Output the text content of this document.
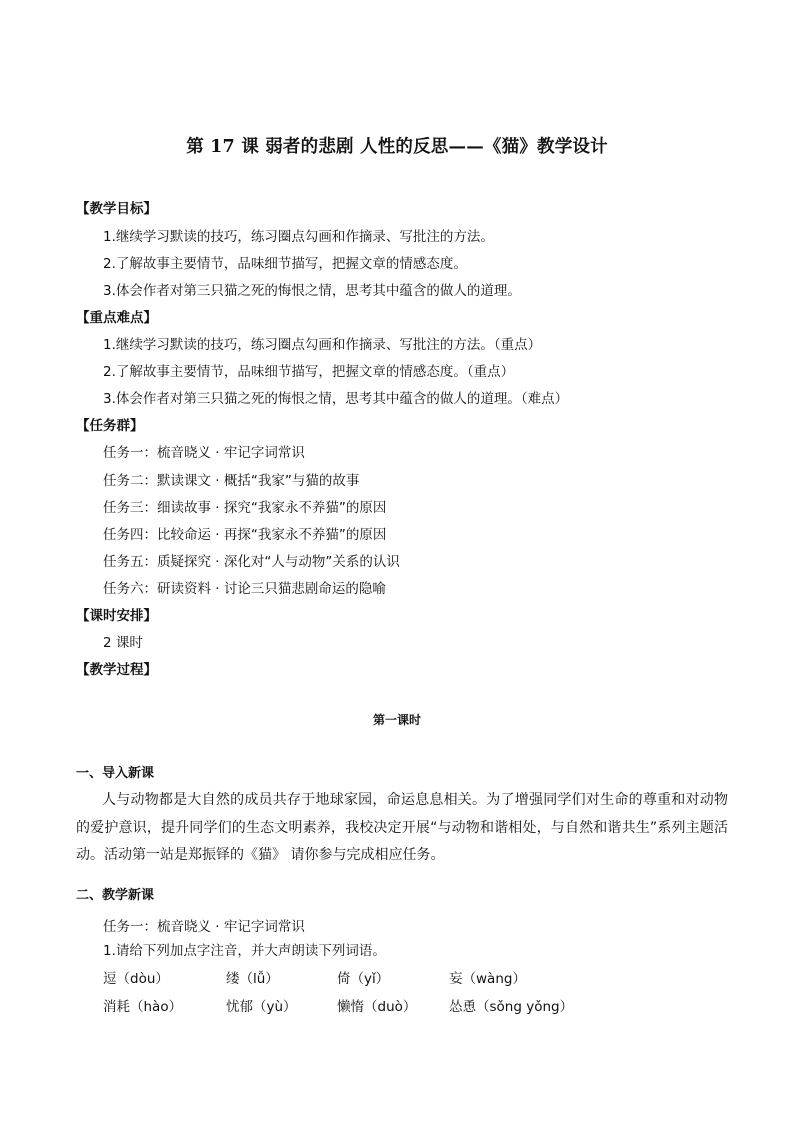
第 17 课 弱者的悲剧 人性的反思——《猫》教学设计
【教学目标】
1.继续学习默读的技巧，练习圈点勾画和作摘录、写批注的方法。
2.了解故事主要情节，品味细节描写，把握文章的情感态度。
3.体会作者对第三只猫之死的悔恨之情，思考其中蕴含的做人的道理。
【重点难点】
1.继续学习默读的技巧，练习圈点勾画和作摘录、写批注的方法。（重点）
2.了解故事主要情节，品味细节描写，把握文章的情感态度。（重点）
3.体会作者对第三只猫之死的悔恨之情，思考其中蕴含的做人的道理。（难点）
【任务群】
任务一：梳音晓义 · 牢记字词常识
任务二：默读课文 · 概括“我家”与猫的故事
任务三：细读故事 · 探究“我家永不养猫”的原因
任务四：比较命运 · 再探“我家永不养猫”的原因
任务五：质疑探究 · 深化对“人与动物”关系的认识
任务六：研读资料 · 讨论三只猫悲剧命运的隐喻
【课时安排】
2 课时
【教学过程】
第一课时
一、导入新课
人与动物都是大自然的成员共存于地球家园，命运息息相关。为了增强同学们对生命的尊重和对动物的爱护意识，提升同学们的生态文明素养，我校决定开展“与动物和谐相处，与自然和谐共生”系列主题活动。活动第一站是郑振铎的《猫》 请你参与完成相应任务。
二、教学新课
任务一：梳音晓义 · 牢记字词常识
1.请给下列加点字注音，并大声朗读下列词语。
逗（dòu）	缕（lǚ）	倚（yǐ）	妄（wàng）
消耗（hào）	忧郁（yù）	懒惰（duò） 怂恿（sǒng yǒng）
